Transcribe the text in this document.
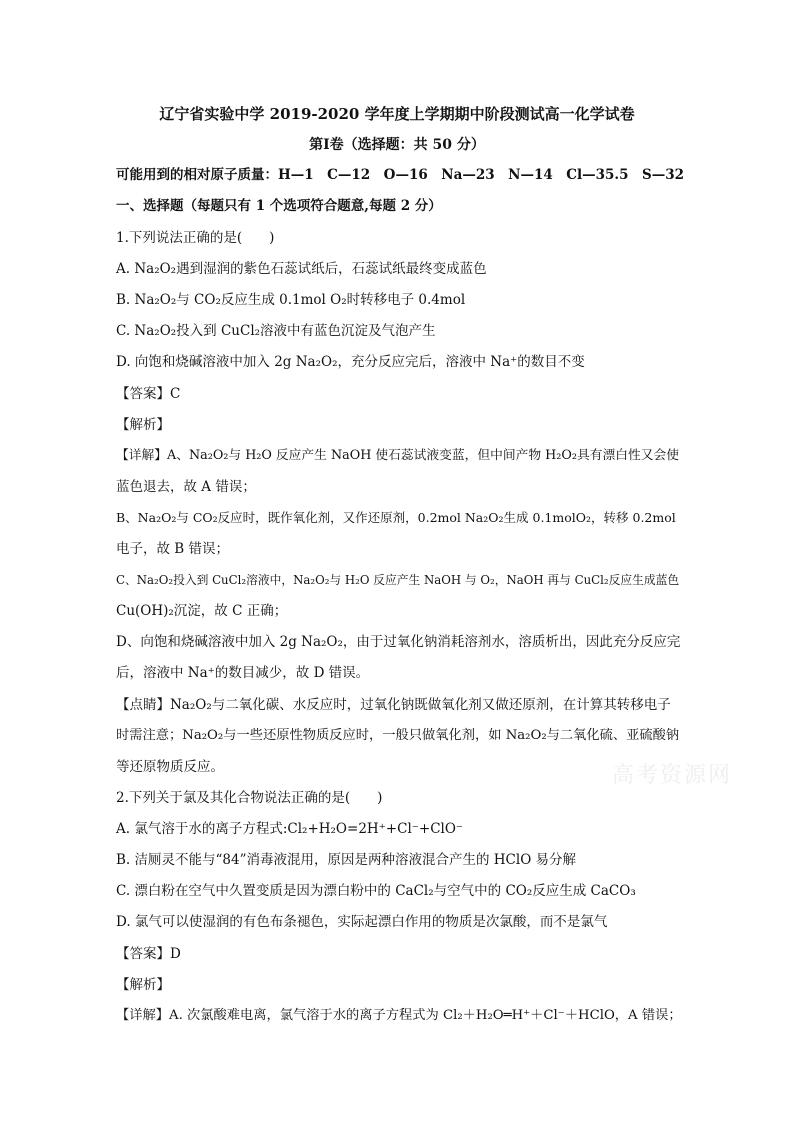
辽宁省实验中学 2019-2020 学年度上学期期中阶段测试高一化学试卷
第Ⅰ卷（选择题：共 50 分）
可能用到的相对原子质量：H—1　C—12　O—16　Na—23　N—14　Cl—35.5　S—32
一、选择题（每题只有 1 个选项符合题意,每题 2 分）
1.下列说法正确的是(　　)
A. Na₂O₂遇到湿润的紫色石蕊试纸后，石蕊试纸最终变成蓝色
B. Na₂O₂与 CO₂反应生成 0.1mol O₂时转移电子 0.4mol
C. Na₂O₂投入到 CuCl₂溶液中有蓝色沉淀及气泡产生
D. 向饱和烧碱溶液中加入 2g Na₂O₂，充分反应完后，溶液中 Na⁺的数目不变
【答案】C
【解析】
【详解】A、Na₂O₂与 H₂O 反应产生 NaOH 使石蕊试液变蓝，但中间产物 H₂O₂具有漂白性又会使
蓝色退去，故 A 错误；
B、Na₂O₂与 CO₂反应时，既作氧化剂，又作还原剂，0.2mol Na₂O₂生成 0.1molO₂，转移 0.2mol
电子，故 B 错误；
C、Na₂O₂投入到 CuCl₂溶液中，Na₂O₂与 H₂O 反应产生 NaOH 与 O₂，NaOH 再与 CuCl₂反应生成蓝色
Cu(OH)₂沉淀，故 C 正确；
D、向饱和烧碱溶液中加入 2g Na₂O₂，由于过氧化钠消耗溶剂水，溶质析出，因此充分反应完
后，溶液中 Na⁺的数目减少，故 D 错误。
【点睛】Na₂O₂与二氧化碳、水反应时，过氧化钠既做氧化剂又做还原剂，在计算其转移电子
时需注意；Na₂O₂与一些还原性物质反应时，一般只做氧化剂，如 Na₂O₂与二氧化硫、亚硫酸钠
等还原物质反应。	高考资源网
2.下列关于氯及其化合物说法正确的是(　　)
A. 氯气溶于水的离子方程式:Cl₂+H₂O=2H⁺+Cl⁻+ClO⁻
B. 洁厕灵不能与“84”消毒液混用，原因是两种溶液混合产生的 HClO 易分解
C. 漂白粉在空气中久置变质是因为漂白粉中的 CaCl₂与空气中的 CO₂反应生成 CaCO₃
D. 氯气可以使湿润的有色布条褪色，实际起漂白作用的物质是次氯酸，而不是氯气
【答案】D
【解析】
【详解】A. 次氯酸难电离，氯气溶于水的离子方程式为 Cl₂＋H₂O═H⁺＋Cl⁻＋HClO，A 错误；
